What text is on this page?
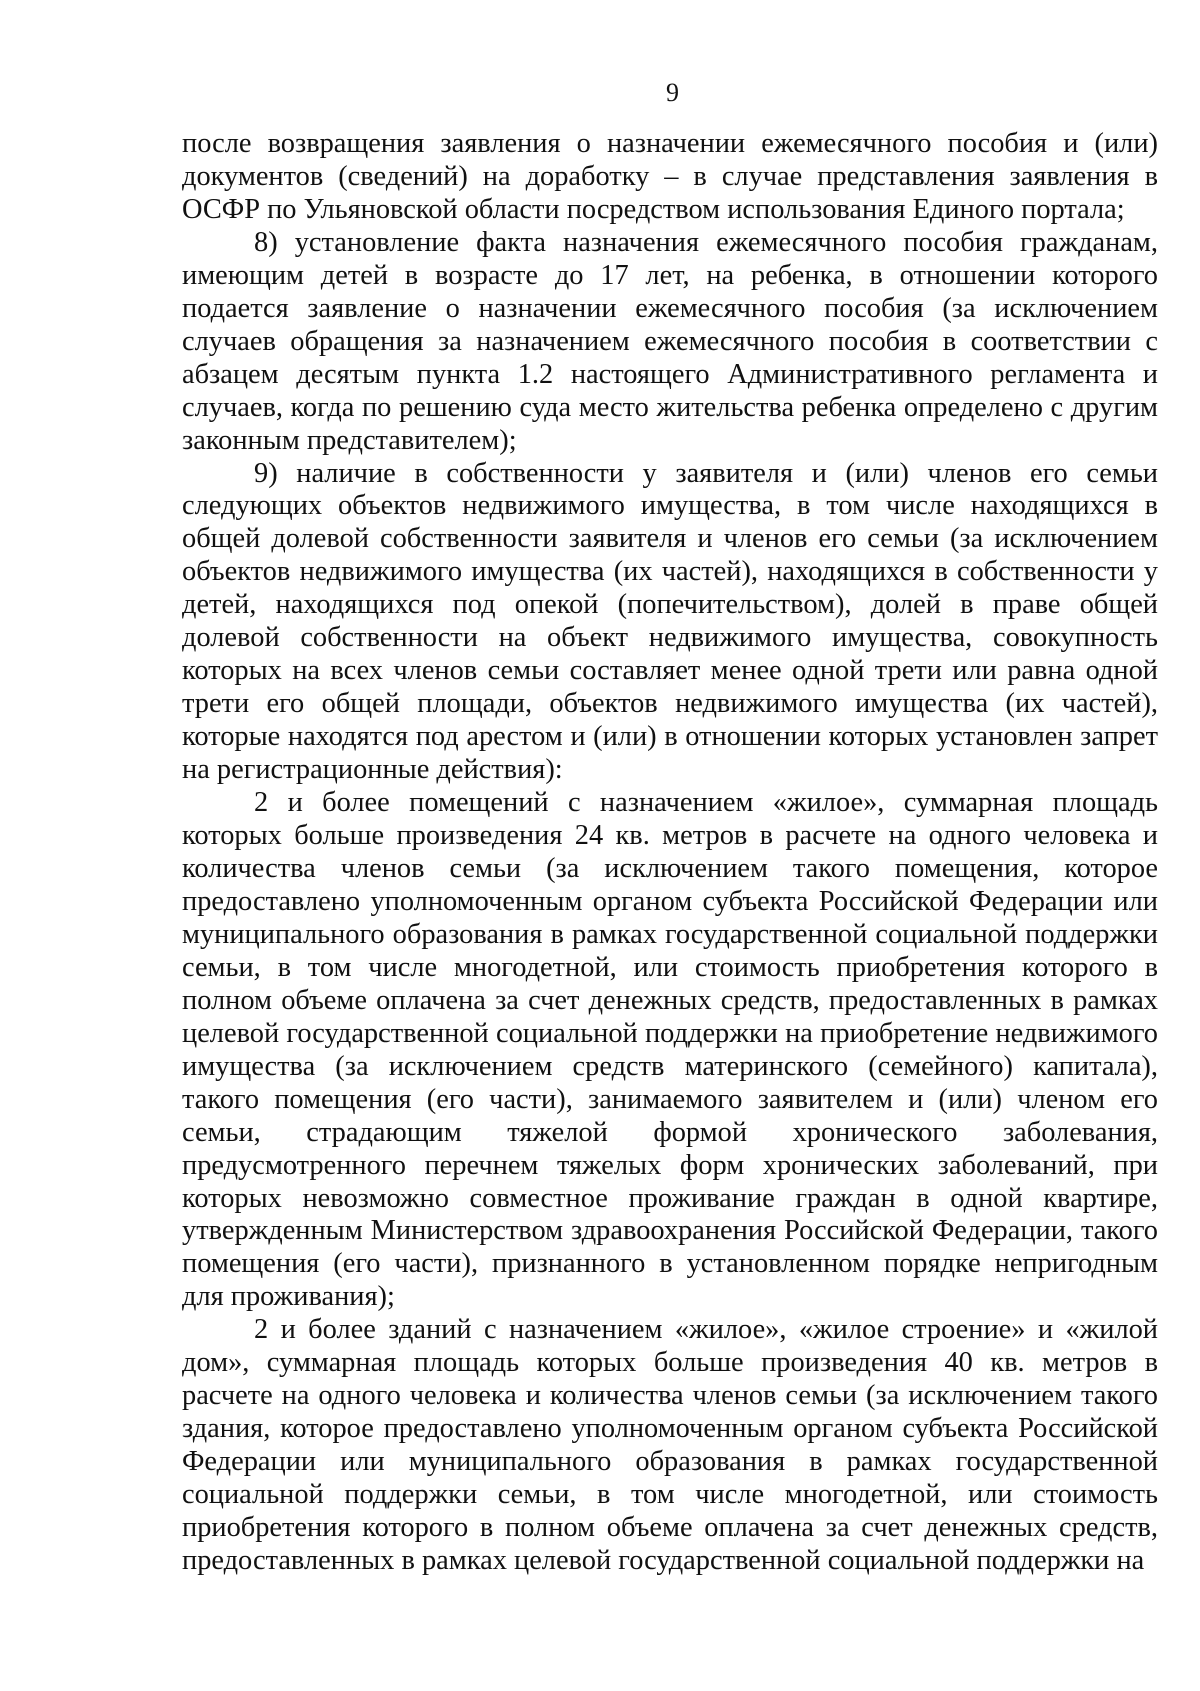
9

после возвращения заявления о назначении ежемесячного пособия и (или) документов (сведений) на доработку – в случае представления заявления в ОСФР по Ульяновской области посредством использования Единого портала;

8) установление факта назначения ежемесячного пособия гражданам, имеющим детей в возрасте до 17 лет, на ребенка, в отношении которого подается заявление о назначении ежемесячного пособия (за исключением случаев обращения за назначением ежемесячного пособия в соответствии с абзацем десятым пункта 1.2 настоящего Административного регламента и случаев, когда по решению суда место жительства ребенка определено с другим законным представителем);

9) наличие в собственности у заявителя и (или) членов его семьи следующих объектов недвижимого имущества, в том числе находящихся в общей долевой собственности заявителя и членов его семьи (за исключением объектов недвижимого имущества (их частей), находящихся в собственности у детей, находящихся под опекой (попечительством), долей в праве общей долевой собственности на объект недвижимого имущества, совокупность которых на всех членов семьи составляет менее одной трети или равна одной трети его общей площади, объектов недвижимого имущества (их частей), которые находятся под арестом и (или) в отношении которых установлен запрет на регистрационные действия):

2 и более помещений с назначением «жилое», суммарная площадь которых больше произведения 24 кв. метров в расчете на одного человека и количества членов семьи (за исключением такого помещения, которое предоставлено уполномоченным органом субъекта Российской Федерации или муниципального образования в рамках государственной социальной поддержки семьи, в том числе многодетной, или стоимость приобретения которого в полном объеме оплачена за счет денежных средств, предоставленных в рамках целевой государственной социальной поддержки на приобретение недвижимого имущества (за исключением средств материнского (семейного) капитала), такого помещения (его части), занимаемого заявителем и (или) членом его семьи, страдающим тяжелой формой хронического заболевания, предусмотренного перечнем тяжелых форм хронических заболеваний, при которых невозможно совместное проживание граждан в одной квартире, утвержденным Министерством здравоохранения Российской Федерации, такого помещения (его части), признанного в установленном порядке непригодным для проживания);

2 и более зданий с назначением «жилое», «жилое строение» и «жилой дом», суммарная площадь которых больше произведения 40 кв. метров в расчете на одного человека и количества членов семьи (за исключением такого здания, которое предоставлено уполномоченным органом субъекта Российской Федерации или муниципального образования в рамках государственной социальной поддержки семьи, в том числе многодетной, или стоимость приобретения которого в полном объеме оплачена за счет денежных средств, предоставленных в рамках целевой государственной социальной поддержки на
